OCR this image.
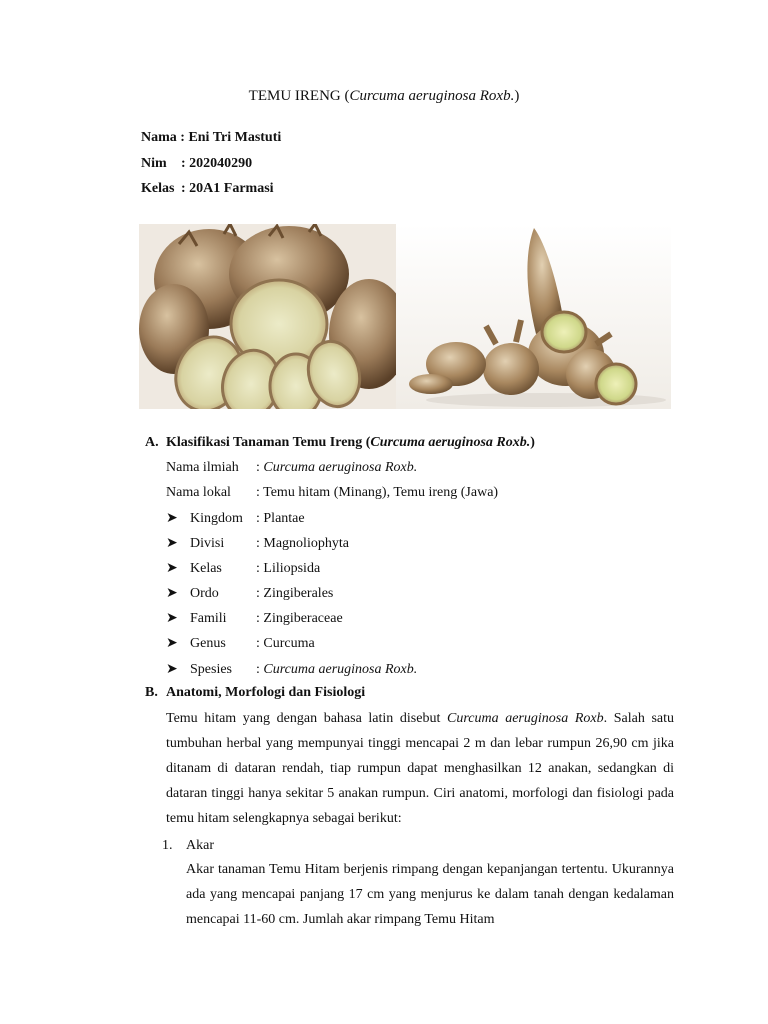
TEMU IRENG (Curcuma aeruginosa Roxb.)
Nama : Eni Tri Mastuti
Nim : 202040290
Kelas : 20A1 Farmasi
A. Klasifikasi Tanaman Temu Ireng (Curcuma aeruginosa Roxb.)
Nama ilmiah : Curcuma aeruginosa Roxb.
Nama lokal : Temu hitam (Minang), Temu ireng (Jawa)
➤ Kingdom : Plantae
➤ Divisi : Magnoliophyta
➤ Kelas : Liliopsida
➤ Ordo	: Zingiberales
➤ Famili : Zingiberaceae
➤ Genus : Curcuma
➤ Spesies : Curcuma aeruginosa Roxb.
B. Anatomi, Morfologi dan Fisiologi
Temu hitam yang dengan bahasa latin disebut Curcuma aeruginosa Roxb. Salah satu tumbuhan herbal yang mempunyai tinggi mencapai 2 m dan lebar rumpun 26,90 cm jika ditanam di dataran rendah, tiap rumpun dapat menghasilkan 12 anakan, sedangkan di dataran tinggi hanya sekitar 5 anakan rumpun. Ciri anatomi, morfologi dan fisiologi pada temu hitam selengkapnya sebagai berikut:
1. Akar
Akar tanaman Temu Hitam berjenis rimpang dengan kepanjangan tertentu. Ukurannya ada yang mencapai panjang 17 cm yang menjurus ke dalam tanah dengan kedalaman mencapai 11-60 cm. Jumlah akar rimpang Temu Hitam
